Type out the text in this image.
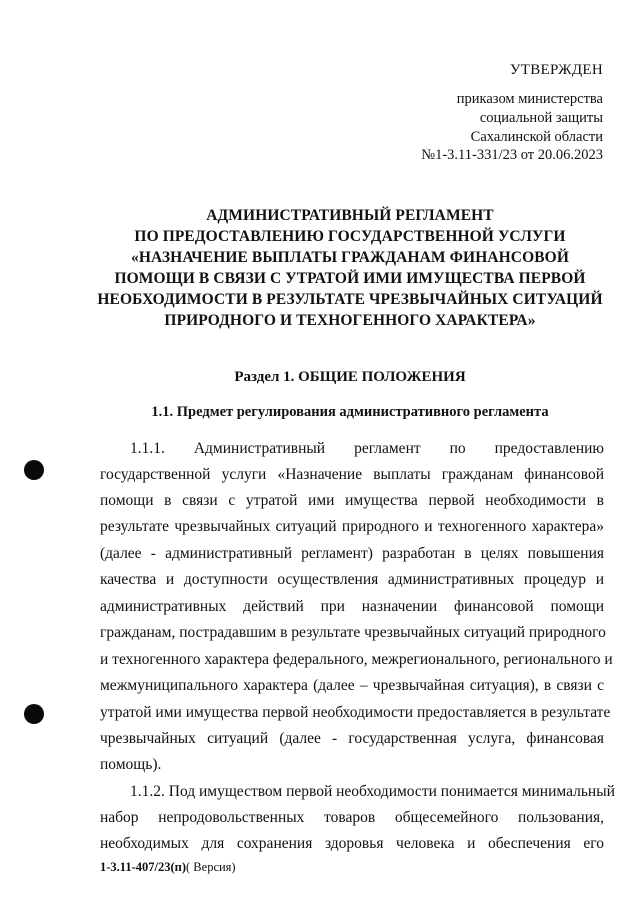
УТВЕРЖДЕН
приказом министерства
социальной защиты
Сахалинской области
№1-3.11-331/23 от 20.06.2023
АДМИНИСТРАТИВНЫЙ РЕГЛАМЕНТ
ПО ПРЕДОСТАВЛЕНИЮ ГОСУДАРСТВЕННОЙ УСЛУГИ
«НАЗНАЧЕНИЕ ВЫПЛАТЫ ГРАЖДАНАМ ФИНАНСОВОЙ
ПОМОЩИ В СВЯЗИ С УТРАТОЙ ИМИ ИМУЩЕСТВА ПЕРВОЙ
НЕОБХОДИМОСТИ В РЕЗУЛЬТАТЕ ЧРЕЗВЫЧАЙНЫХ СИТУАЦИЙ
ПРИРОДНОГО И ТЕХНОГЕННОГО ХАРАКТЕРА»
Раздел 1. ОБЩИЕ ПОЛОЖЕНИЯ
1.1. Предмет регулирования административного регламента
1.1.1. Административный регламент по предоставлению
государственной услуги «Назначение выплаты гражданам финансовой
помощи в связи с утратой ими имущества первой необходимости в
результате чрезвычайных ситуаций природного и техногенного характера»
(далее - административный регламент) разработан в целях повышения
качества и доступности осуществления административных процедур и
административных действий при назначении финансовой помощи
гражданам, пострадавшим в результате чрезвычайных ситуаций природного
и техногенного характера федерального, межрегионального, регионального и
межмуниципального характера (далее – чрезвычайная ситуация), в связи с
утратой ими имущества первой необходимости предоставляется в результате
чрезвычайных ситуаций (далее - государственная услуга, финансовая
помощь).
1.1.2. Под имуществом первой необходимости понимается минимальный
набор непродовольственных товаров общесемейного пользования,
необходимых для сохранения здоровья человека и обеспечения его
1-3.11-407/23(п)( Версия)
